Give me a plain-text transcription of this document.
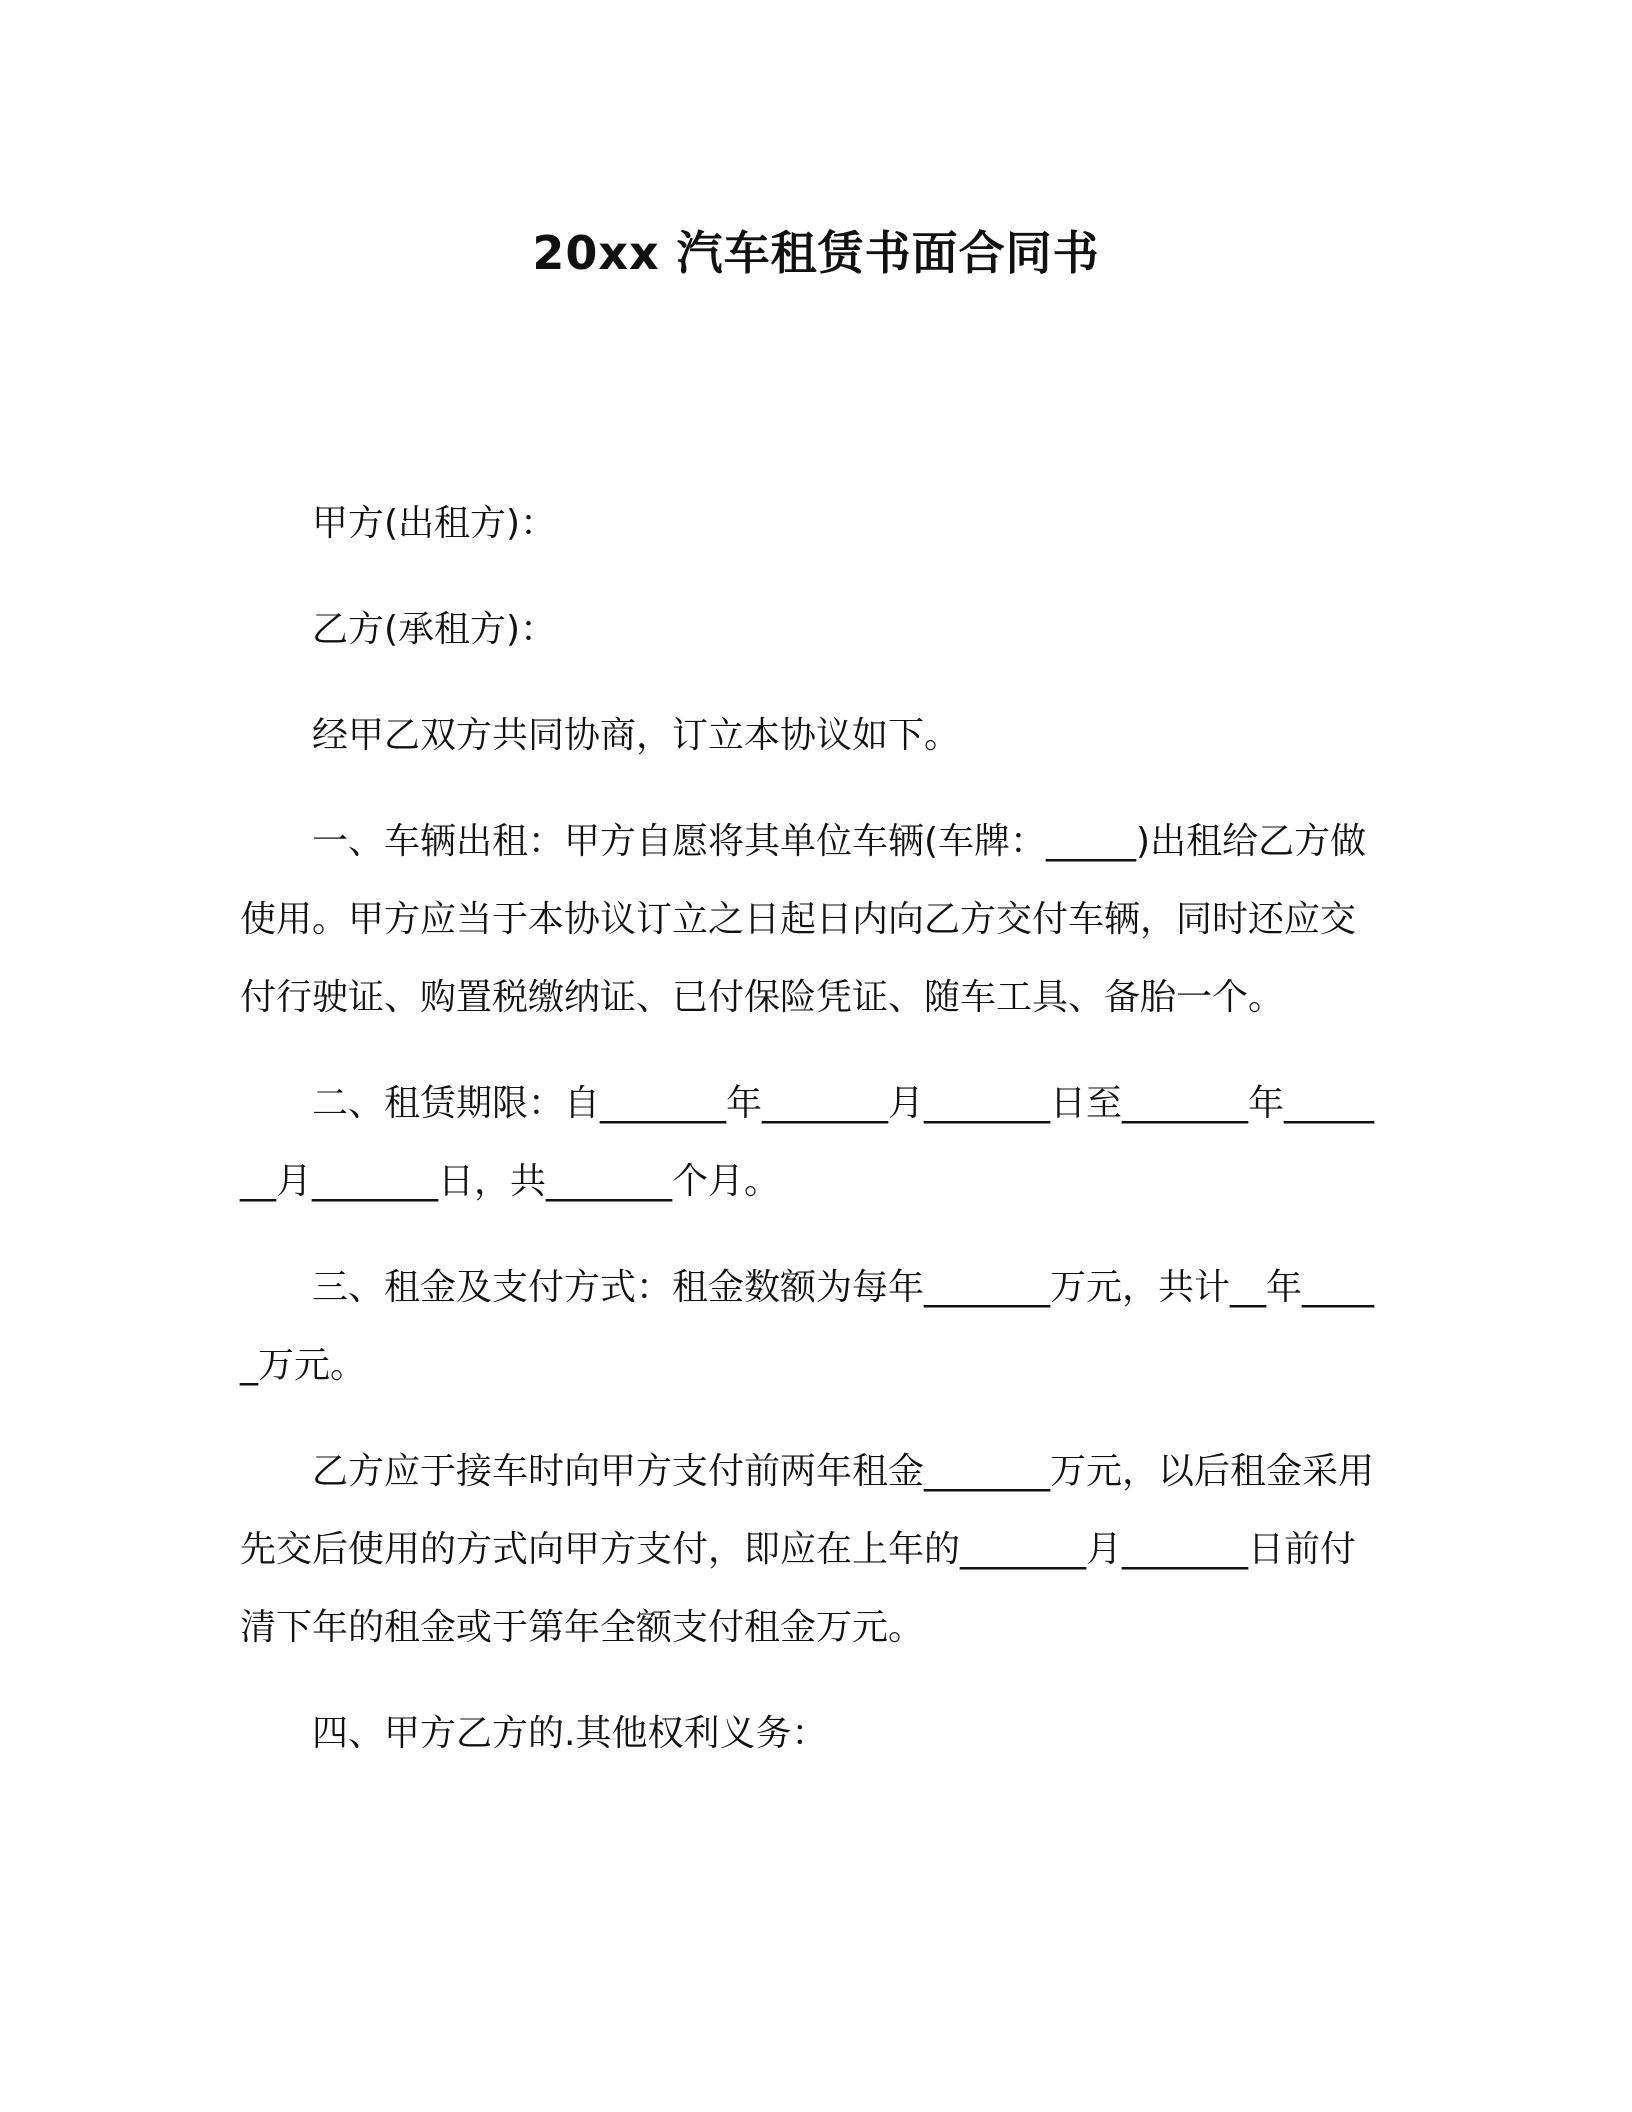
20xx 汽车租赁书面合同书

甲方(出租方)：

乙方(承租方)：

经甲乙双方共同协商，订立本协议如下。

一、车辆出租：甲方自愿将其单位车辆(车牌：_____)出租给乙方做使用。甲方应当于本协议订立之日起日内向乙方交付车辆，同时还应交付行驶证、购置税缴纳证、已付保险凭证、随车工具、备胎一个。

二、租赁期限：自_______年_______月_______日至_______年_______月_______日，共_______个月。

三、租金及支付方式：租金数额为每年_______万元，共计__年_____万元。

乙方应于接车时向甲方支付前两年租金_______万元，以后租金采用先交后使用的方式向甲方支付，即应在上年的_______月_______日前付清下年的租金或于第年全额支付租金万元。

四、甲方乙方的.其他权利义务：
